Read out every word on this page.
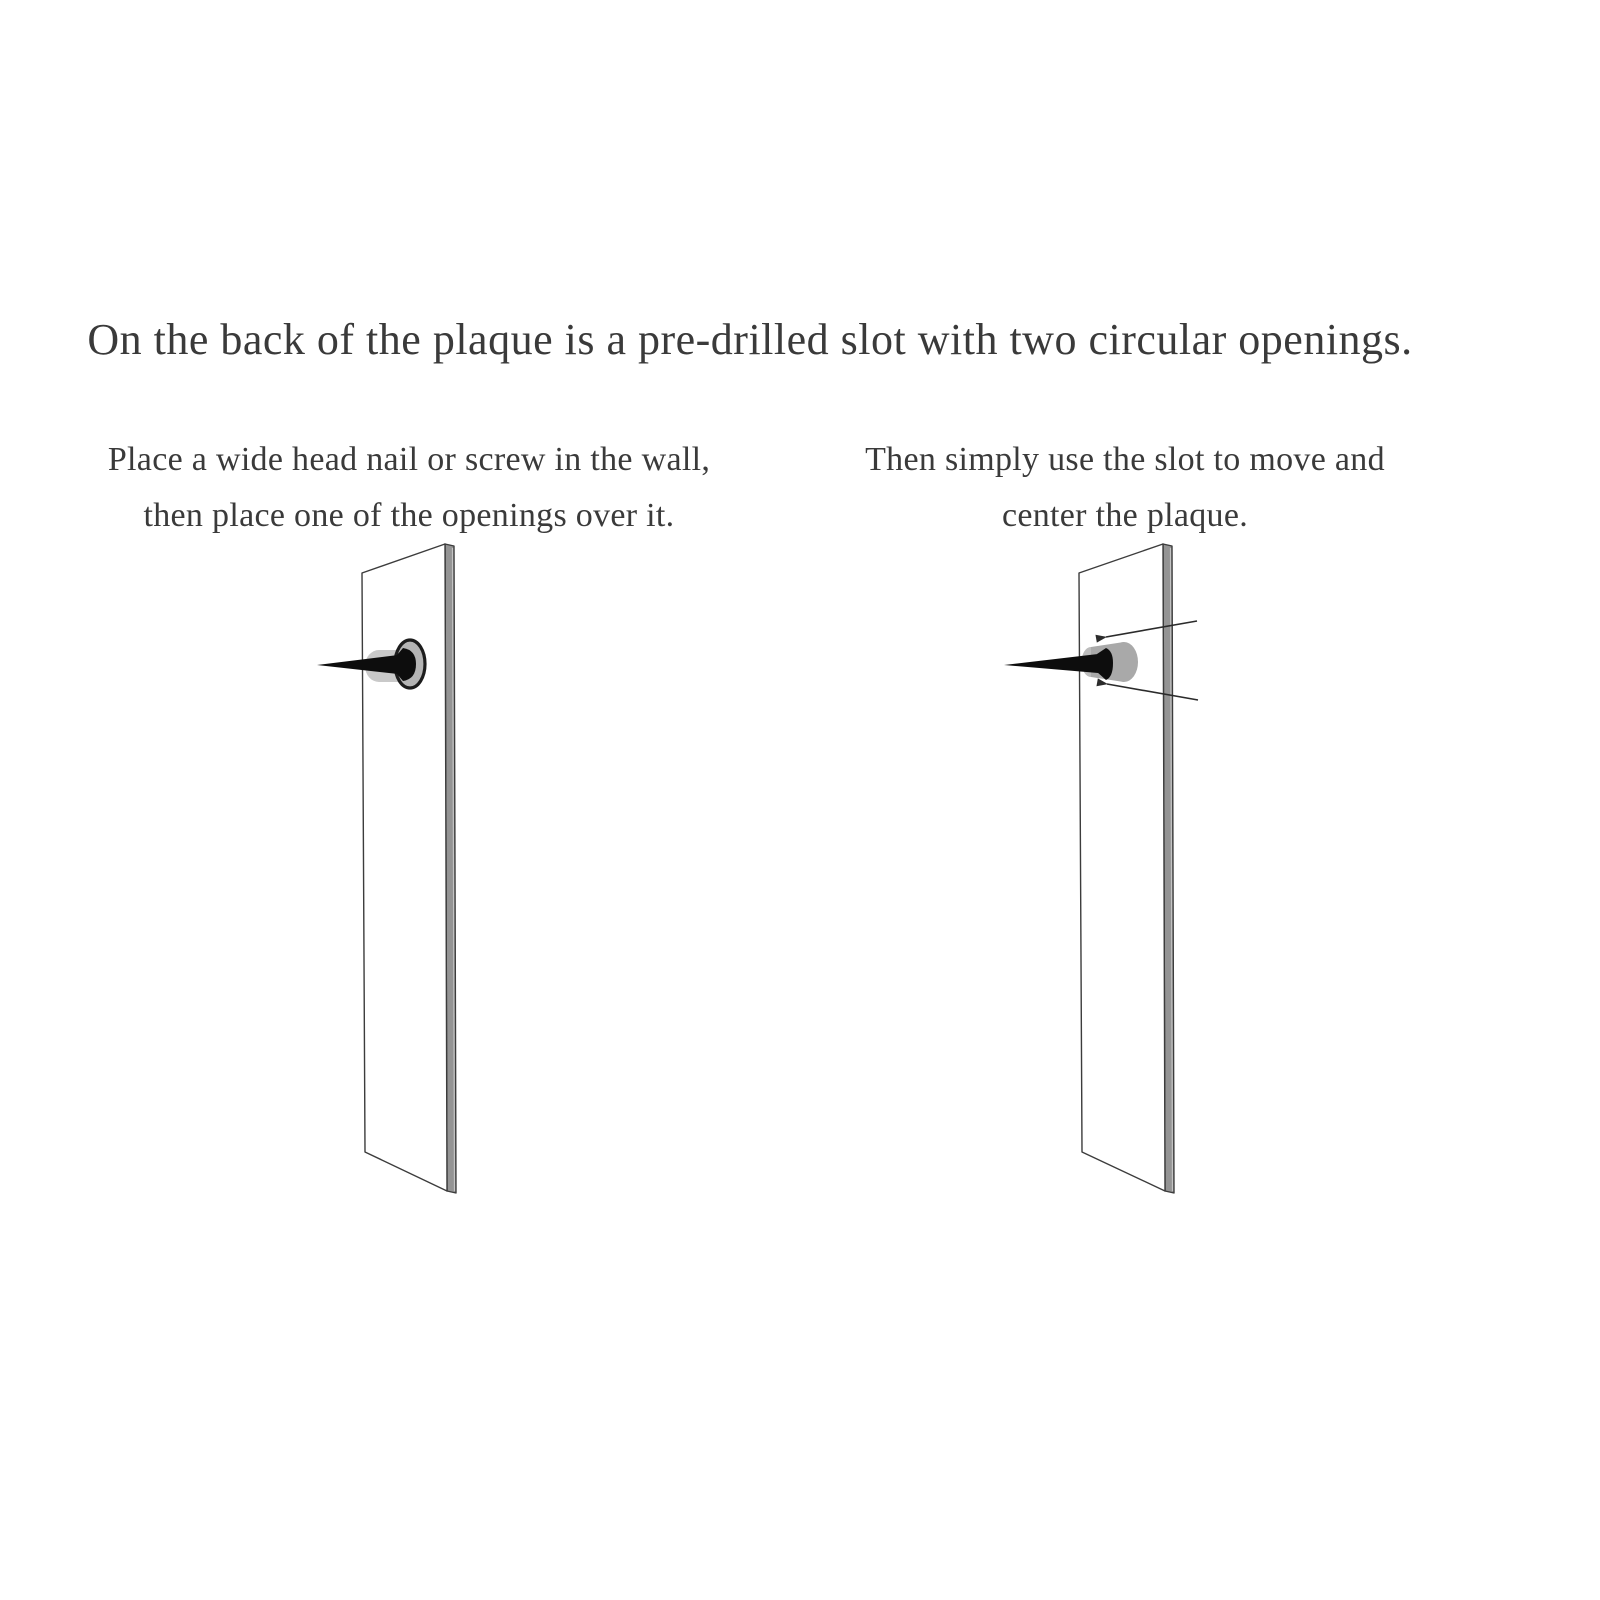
On the back of the plaque is a pre-drilled slot with two circular openings.
Place a wide head nail or screw in the wall,
then place one of the openings over it.
Then simply use the slot to move and
center the plaque.
